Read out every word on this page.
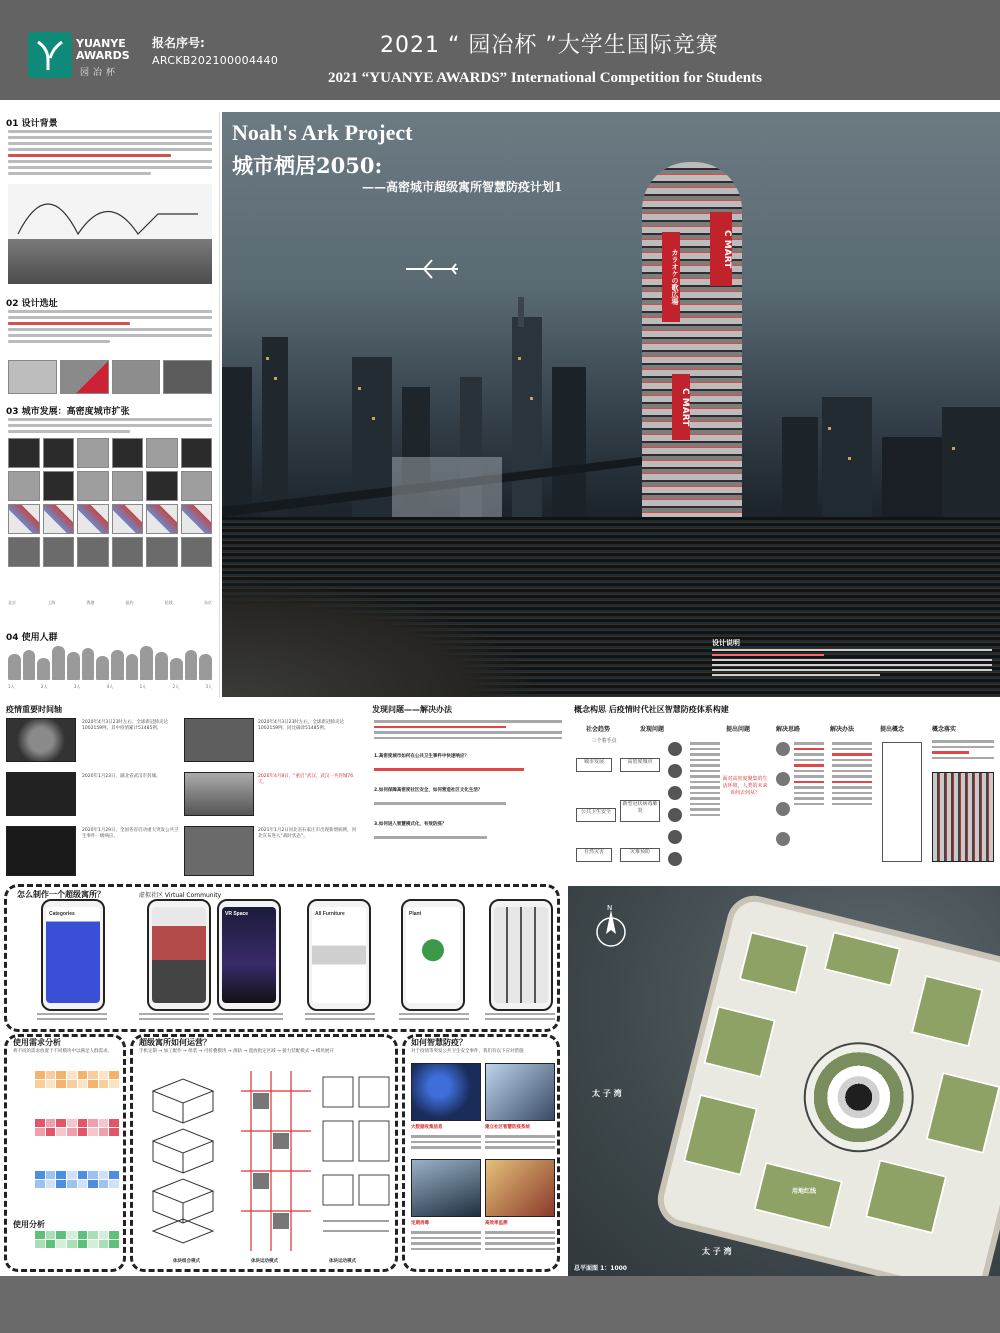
YUANYE AWARDS
园冶杯
报名序号:
ARCKB202100004440
2021 “ 园冶杯 ”大学生国际竞赛
2021 “YUANYE AWARDS” International Competition for Students
01 设计背景
02 设计选址
03 城市发展：高密度城市扩张
北京	上海	香港	纽约	伦敦	东京
04 使用人群
1人	2人	3人	4人	1人	2人	3人
C MART
カラオケの歌広場
C MART
Noah's Ark Project
城市栖居2050:
——高密城市超级寓所智慧防疫计划1
设计说明
疫情重要时间轴
2020年4月3日23时左右，全球新冠肺炎达1002159例，其中疫情累计51485例。
2020年4月3日23时左右，全球新冠肺炎达1002159例，同比确诊51485例。
2020年1月23日，湖北省武汉市封城。	2020年4月8日，“重启”武汉，武汉一共封城76天。
2020年1月29日，全国各省启动重大突发公共卫生事件一级响应。
2021年1月2日河北省石家庄市出现新增病例，河北宣布进入“战时状态”。
发现问题——解决办法
1.高密度城市如何在公共卫生事件中快速响应？
2.如何保障高密度社区安全，如何营造社区文化生活？
3.如何进入智慧模式化，有效防疫？
概念构思 后疫情时代社区智慧防疫体系构建
社会趋势	发现问题	提出问题	解决思路	解决办法	提出概念	概念落实
三个着手点
城市发展	高密度城市
公共卫生安全
新型冠状病毒肺炎
自然灾害	灾难预防
面对高密度聚集的生活环境，人类的未来该何去何从？
怎么制作一个超级寓所？	虚拟社区 Virtual Community
Categories	VR Space	All Furniture	Plant
N
太 子 湾
太 子 湾
用地红线
总平面图 1：1000
使用需求分析
将不同的需求放置于不同模块中以满足人群需求。
使用分析
超级寓所如何运营？
手机定制 → 加工配件 → 组装 → 可折叠模块 → 滑轨 → 置放指定区域 → 接力装配模式 → 模块展开
体块组合模式	体块运动模式	体块运动模式
如何智慧防疫？
对于疫情等突发公共卫生安全事件，我们有以下应对措施
大数据收集信息	建立社区智慧防疫系统
定期消毒	高效率监测
